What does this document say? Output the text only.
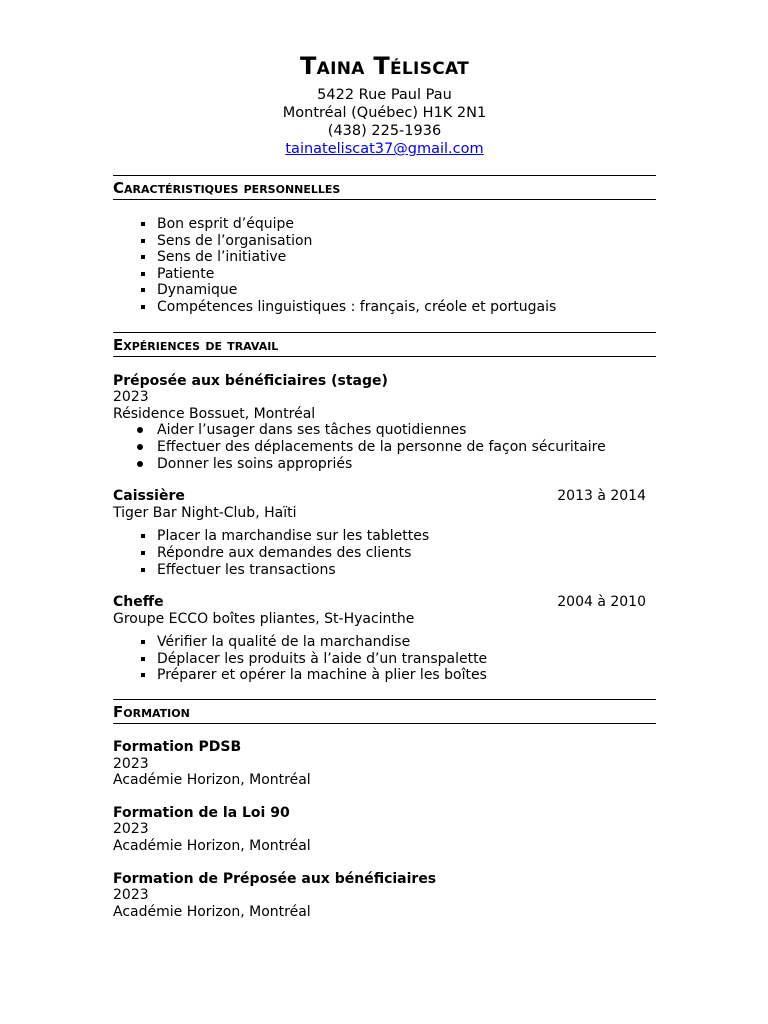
Taina Téliscat
5422 Rue Paul Pau
Montréal (Québec) H1K 2N1
(438) 225-1936
tainateliscat37@gmail.com
Caractéristiques personnelles
Bon esprit d’équipe
Sens de l’organisation
Sens de l’initiative
Patiente
Dynamique
Compétences linguistiques : français, créole et portugais
Expériences de travail
Préposée aux bénéficiaires (stage)
2023
Résidence Bossuet, Montréal
Aider l’usager dans ses tâches quotidiennes
Effectuer des déplacements de la personne de façon sécuritaire
Donner les soins appropriés
Caissière	2013 à 2014
Tiger Bar Night-Club, Haïti
Placer la marchandise sur les tablettes
Répondre aux demandes des clients
Effectuer les transactions
Cheffe	2004 à 2010
Groupe ECCO boîtes pliantes, St-Hyacinthe
Vérifier la qualité de la marchandise
Déplacer les produits à l’aide d’un transpalette
Préparer et opérer la machine à plier les boîtes
Formation
Formation PDSB
2023
Académie Horizon, Montréal
Formation de la Loi 90
2023
Académie Horizon, Montréal
Formation de Préposée aux bénéficiaires
2023
Académie Horizon, Montréal
